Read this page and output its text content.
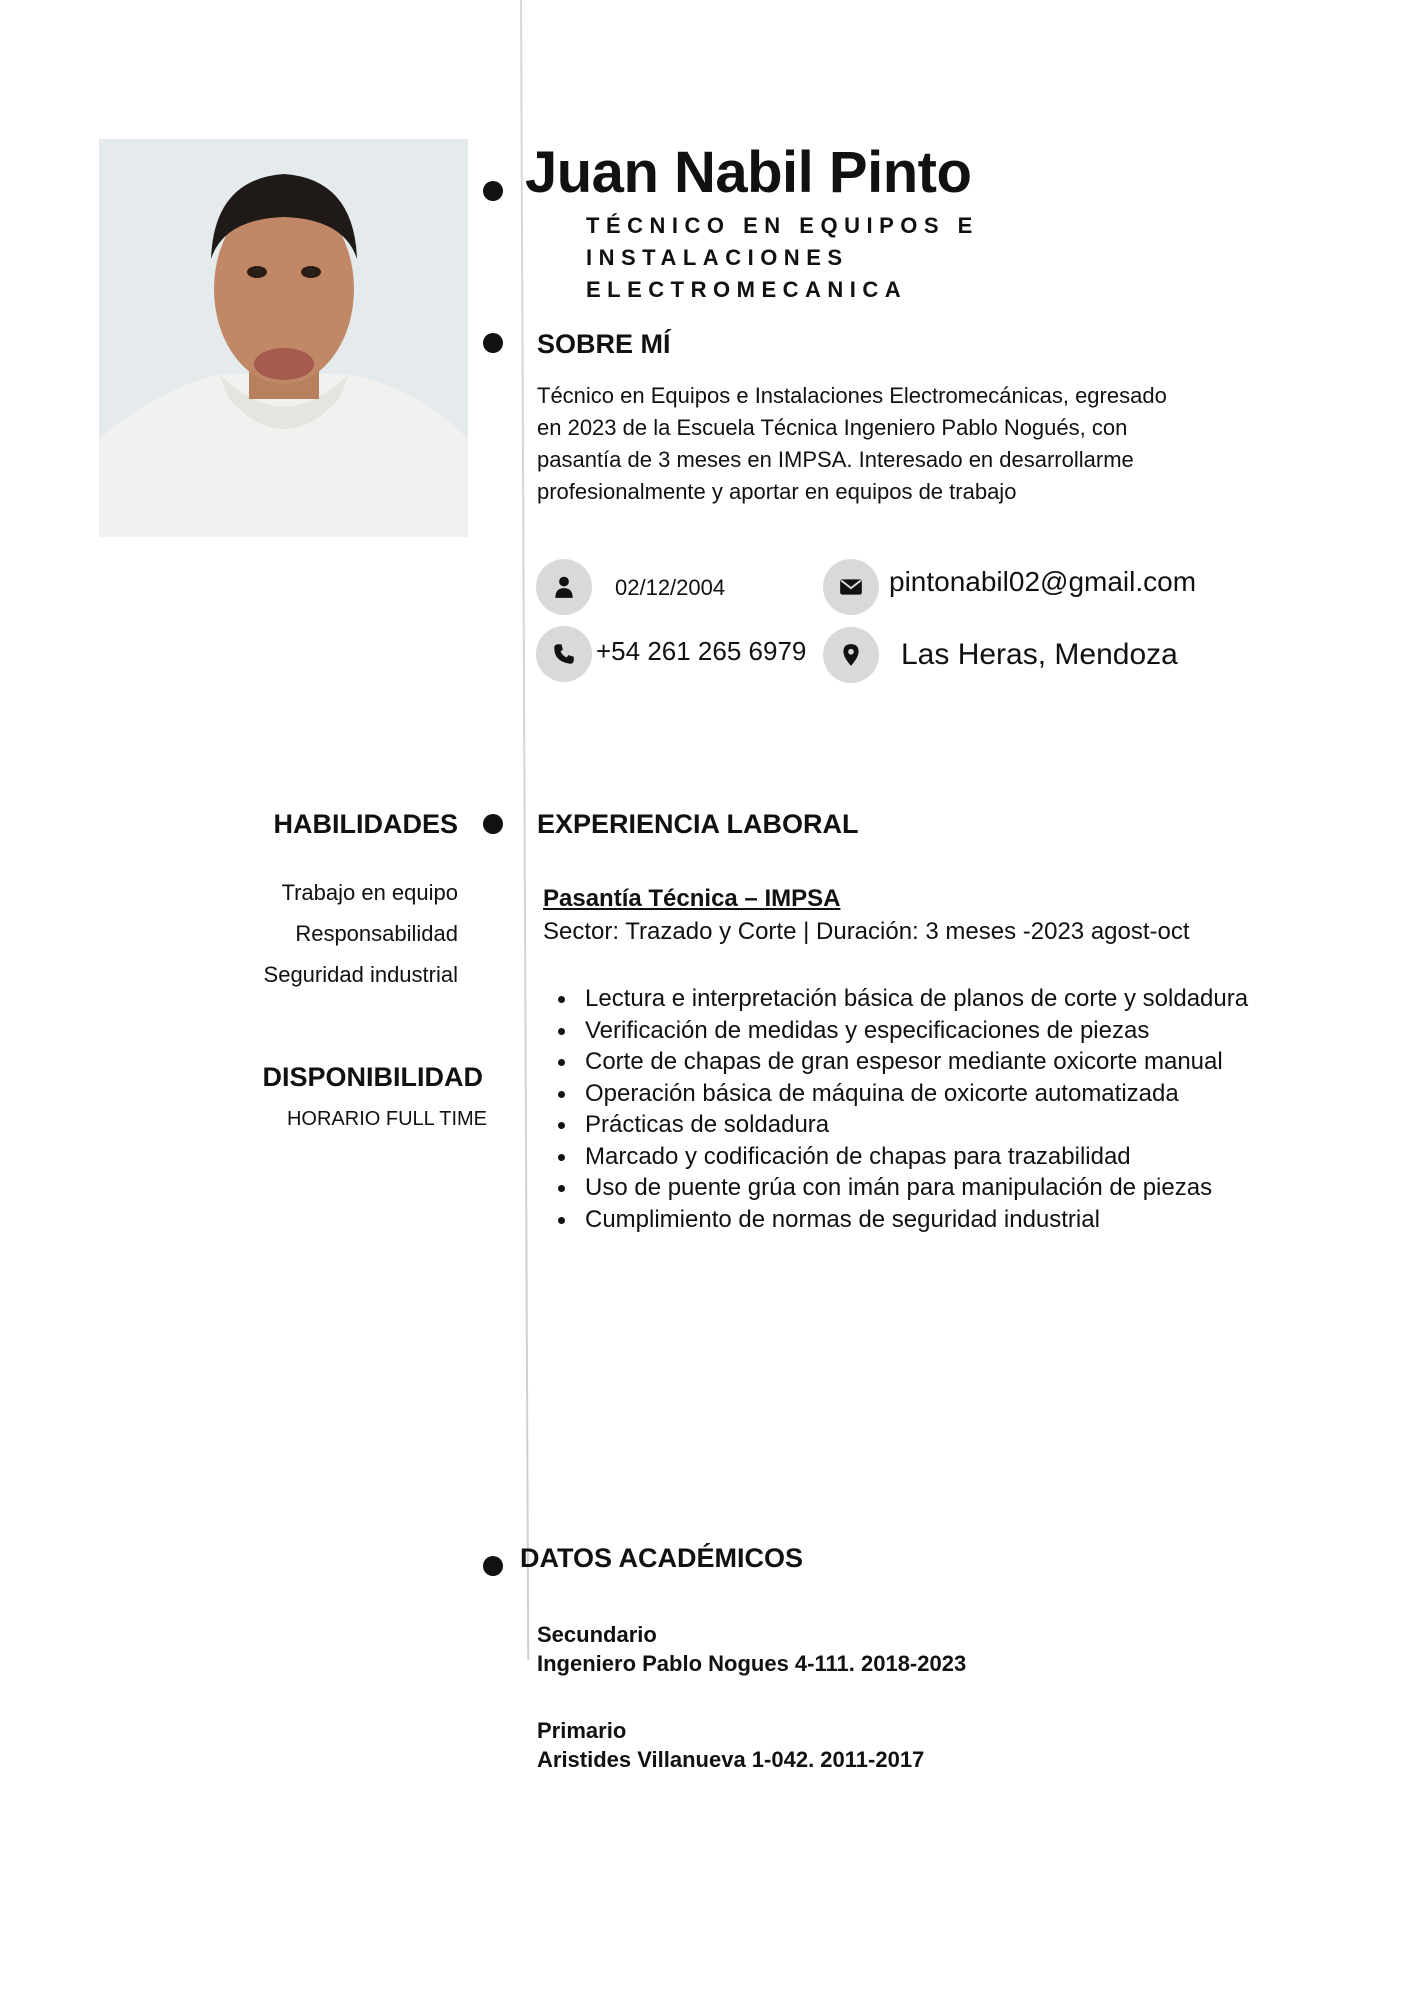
Juan Nabil Pinto
TÉCNICO EN EQUIPOS E
INSTALACIONES
ELECTROMECANICA
SOBRE MÍ
Técnico en Equipos e Instalaciones Electromecánicas, egresado en 2023 de la Escuela Técnica Ingeniero Pablo Nogués, con pasantía de 3 meses en IMPSA. Interesado en desarrollarme profesionalmente y aportar en equipos de trabajo
02/12/2004	pintonabil02@gmail.com
+54 261 265 6979	Las Heras, Mendoza
HABILIDADES
Trabajo en equipo
Responsabilidad
Seguridad industrial
DISPONIBILIDAD
HORARIO FULL TIME
EXPERIENCIA LABORAL
Pasantía Técnica – IMPSA
Sector: Trazado y Corte | Duración: 3 meses -2023 agost-oct
Lectura e interpretación básica de planos de corte y soldadura
Verificación de medidas y especificaciones de piezas
Corte de chapas de gran espesor mediante oxicorte manual
Operación básica de máquina de oxicorte automatizada
Prácticas de soldadura
Marcado y codificación de chapas para trazabilidad
Uso de puente grúa con imán para manipulación de piezas
Cumplimiento de normas de seguridad industrial
DATOS ACADÉMICOS
Secundario
Ingeniero Pablo Nogues 4-111. 2018-2023
Primario
Aristides Villanueva 1-042. 2011-2017
